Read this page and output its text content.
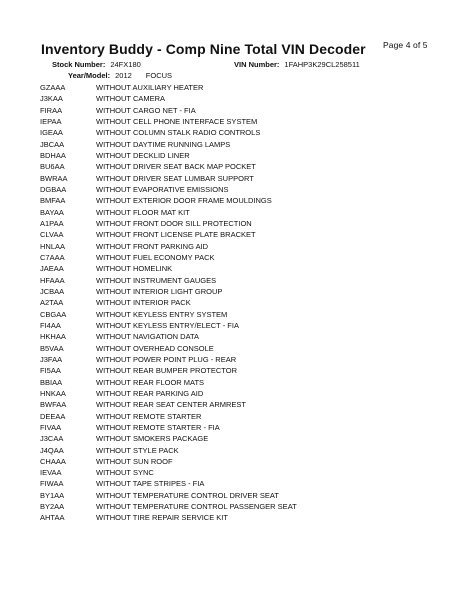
Page 4 of 5
Inventory Buddy - Comp Nine Total VIN Decoder
Stock Number: 24FX180	VIN Number: 1FAHP3K29CL258511
Year/Model: 2012 FOCUS
GZAAA	WITHOUT AUXILIARY HEATER
J3KAA	WITHOUT CAMERA
FIRAA	WITHOUT CARGO NET - FIA
IEPAA	WITHOUT CELL PHONE INTERFACE SYSTEM
IGEAA	WITHOUT COLUMN STALK RADIO CONTROLS
JBCAA	WITHOUT DAYTIME RUNNING LAMPS
BDHAA	WITHOUT DECKLID LINER
BU6AA	WITHOUT DRIVER SEAT BACK MAP POCKET
BWRAA	WITHOUT DRIVER SEAT LUMBAR SUPPORT
DGBAA	WITHOUT EVAPORATIVE EMISSIONS
BMFAA	WITHOUT EXTERIOR DOOR FRAME MOULDINGS
BAYAA	WITHOUT FLOOR MAT KIT
A1PAA	WITHOUT FRONT DOOR SILL PROTECTION
CLVAA	WITHOUT FRONT LICENSE PLATE BRACKET
HNLAA	WITHOUT FRONT PARKING AID
C7AAA	WITHOUT FUEL ECONOMY PACK
JAEAA	WITHOUT HOMELINK
HFAAA	WITHOUT INSTRUMENT GAUGES
JCBAA	WITHOUT INTERIOR LIGHT GROUP
A2TAA	WITHOUT INTERIOR PACK
CBGAA	WITHOUT KEYLESS ENTRY SYSTEM
FI4AA	WITHOUT KEYLESS ENTRY/ELECT - FIA
HKHAA	WITHOUT NAVIGATION DATA
B5VAA	WITHOUT OVERHEAD CONSOLE
J3FAA	WITHOUT POWER POINT PLUG - REAR
FI5AA	WITHOUT REAR BUMPER PROTECTOR
BBIAA	WITHOUT REAR FLOOR MATS
HNKAA	WITHOUT REAR PARKING AID
BWFAA	WITHOUT REAR SEAT CENTER ARMREST
DEEAA	WITHOUT REMOTE STARTER
FIVAA	WITHOUT REMOTE STARTER - FIA
J3CAA	WITHOUT SMOKERS PACKAGE
J4QAA	WITHOUT STYLE PACK
CHAAA	WITHOUT SUN ROOF
IEVAA	WITHOUT SYNC
FIWAA	WITHOUT TAPE STRIPES - FIA
BY1AA	WITHOUT TEMPERATURE CONTROL DRIVER SEAT
BY2AA	WITHOUT TEMPERATURE CONTROL PASSENGER SEAT
AHTAA	WITHOUT TIRE REPAIR SERVICE KIT
